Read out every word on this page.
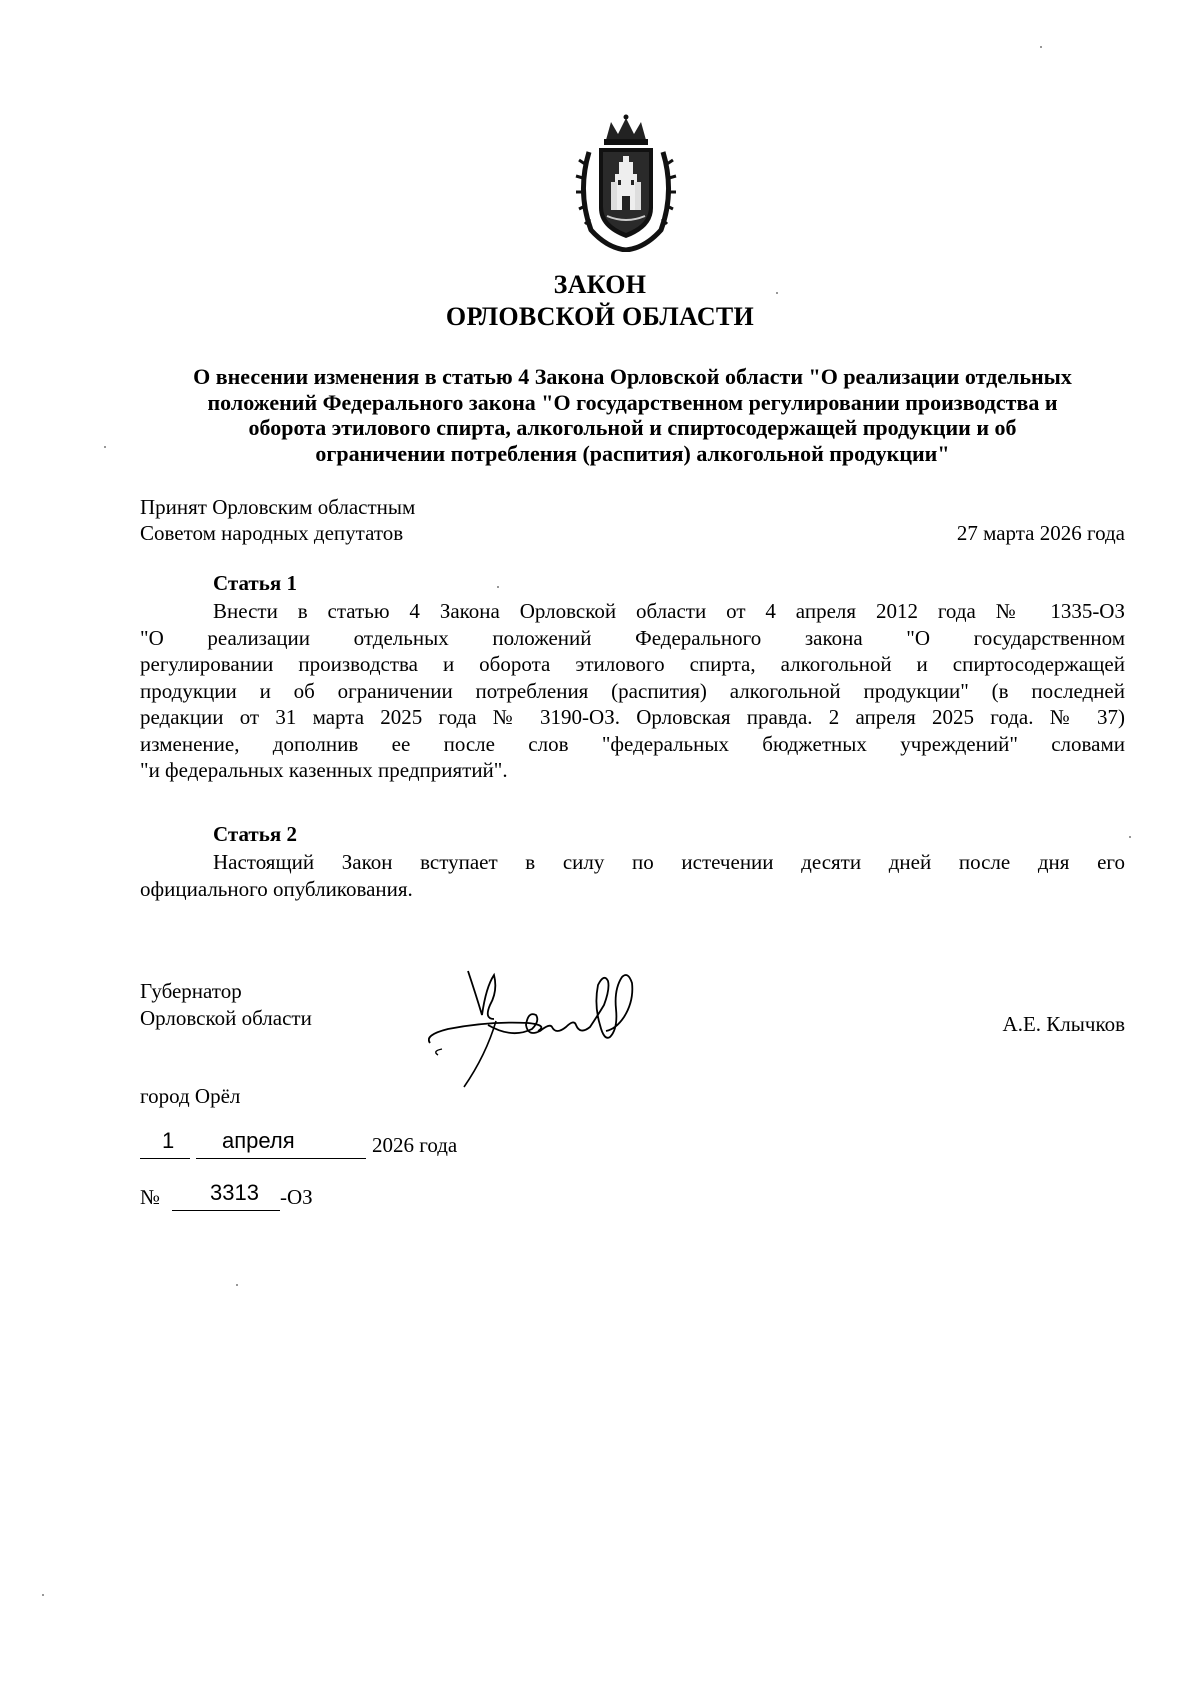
ЗАКОН
ОРЛОВСКОЙ ОБЛАСТИ
О внесении изменения в статью 4 Закона Орловской области "О реализации отдельных
положений Федерального закона "О государственном регулировании производства и
оборота этилового спирта, алкогольной и спиртосодержащей продукции и об
ограничении потребления (распития) алкогольной продукции"
Принят Орловским областным
Советом народных депутатов	27 марта 2026 года
Статья 1
Внести в статью 4 Закона Орловской области от 4 апреля 2012 года № 1335-ОЗ
"О реализации отдельных положений Федерального закона "О государственном
регулировании производства и оборота этилового спирта, алкогольной и спиртосодержащей
продукции и об ограничении потребления (распития) алкогольной продукции" (в последней
редакции от 31 марта 2025 года № 3190-ОЗ. Орловская правда. 2 апреля 2025 года. № 37)
изменение, дополнив ее после слов "федеральных бюджетных учреждений" словами
"и федеральных казенных предприятий".
Статья 2
Настоящий Закон вступает в силу по истечении десяти дней после дня его
официального опубликования.
Губернатор
Орловской области	А.Е. Клычков
город Орёл
1 апреля	2026 года
№ 3313 -ОЗ
